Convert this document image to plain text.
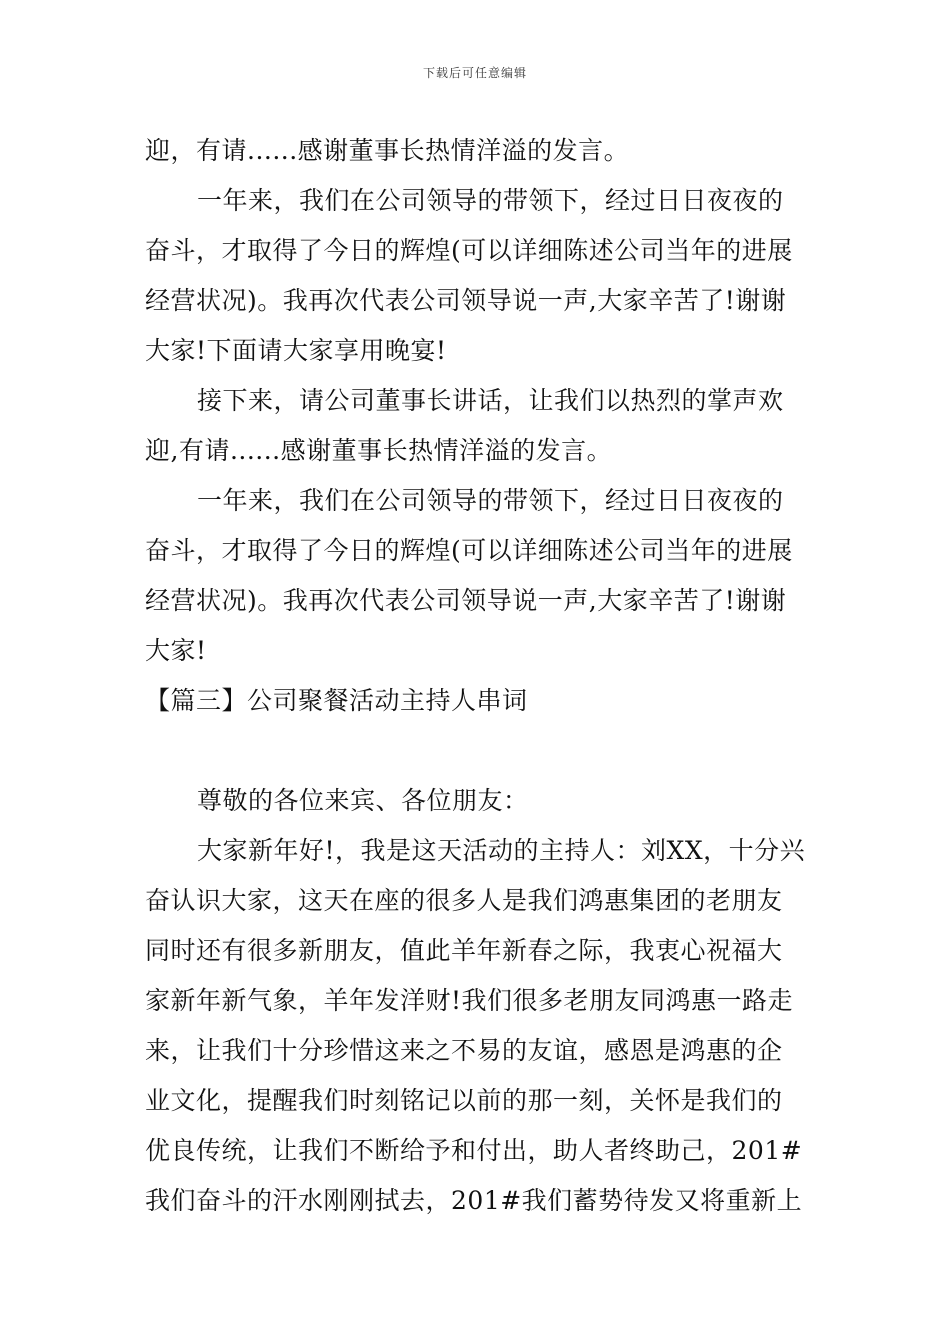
下载后可任意编辑
迎，有请......感谢董事长热情洋溢的发言。
一年来，我们在公司领导的带领下，经过日日夜夜的
奋斗，才取得了今日的辉煌(可以详细陈述公司当年的进展
经营状况)。我再次代表公司领导说一声,大家辛苦了!谢谢
大家!下面请大家享用晚宴!
接下来，请公司董事长讲话，让我们以热烈的掌声欢
迎,有请......感谢董事长热情洋溢的发言。
一年来，我们在公司领导的带领下，经过日日夜夜的
奋斗，才取得了今日的辉煌(可以详细陈述公司当年的进展
经营状况)。我再次代表公司领导说一声,大家辛苦了!谢谢
大家!
【篇三】公司聚餐活动主持人串词
尊敬的各位来宾、各位朋友：
大家新年好!，我是这天活动的主持人：刘XX，十分兴
奋认识大家，这天在座的很多人是我们鸿惠集团的老朋友
同时还有很多新朋友，值此羊年新春之际，我衷心祝福大
家新年新气象，羊年发洋财!我们很多老朋友同鸿惠一路走
来，让我们十分珍惜这来之不易的友谊，感恩是鸿惠的企
业文化，提醒我们时刻铭记以前的那一刻，关怀是我们的
优良传统，让我们不断给予和付出，助人者终助己，201#
我们奋斗的汗水刚刚拭去，201#我们蓄势待发又将重新上
